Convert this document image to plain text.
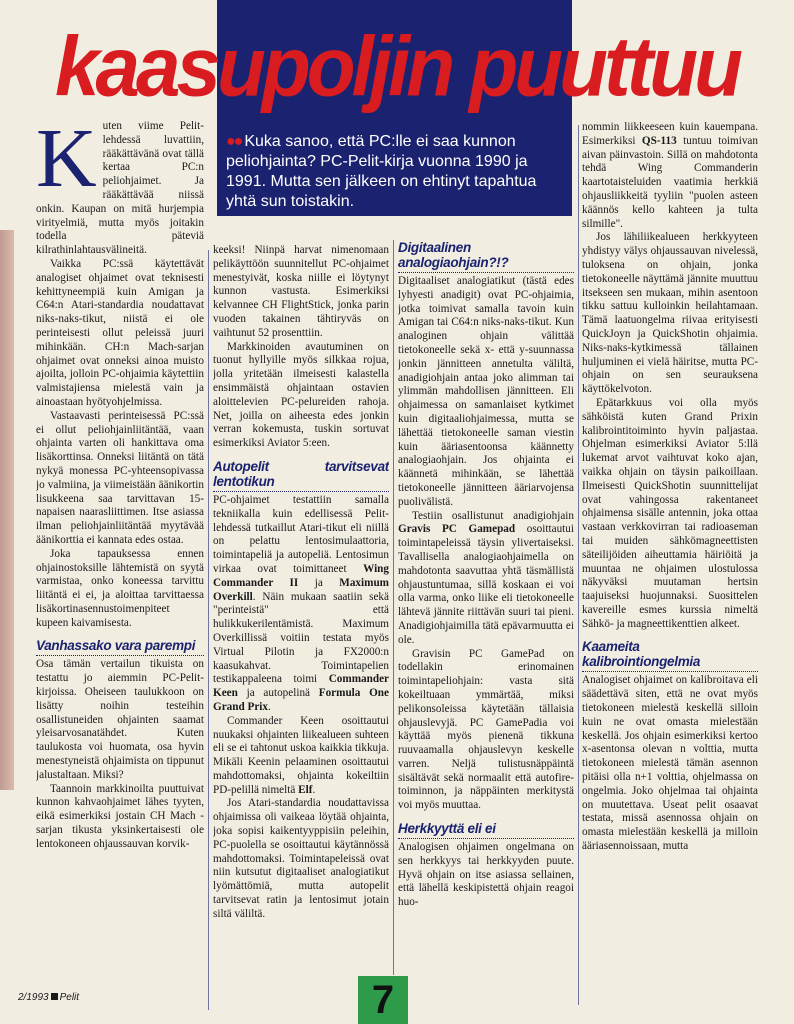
kaasupoljin puuttuu
●● Kuka sanoo, että PC:lle ei saa kunnon peliohjainta? PC-Pelit-kirja vuonna 1990 ja 1991. Mutta sen jälkeen on ehtinyt tapahtua yhtä sun toistakin.
K uten viime Pelit-lehdessä luvattiin, rääkättävänä ovat tällä kertaa PC:n peliohjaimet. Ja rääkättävää niissä onkin. Kaupan on mitä hurjempia virityelmiä, mutta myös joitakin todella päteviä kilrathinlahtausvälineitä.

Vaikka PC:ssä käytettävät analogiset ohjaimet ovat teknisesti kehittyneempiä kuin Amigan ja C64:n Atari-standardia noudattavat niks-naks-tikut, niistä ei ole perinteisesti ollut peleissä juuri mihinkään. CH:n Mach-sarjan ohjaimet ovat onneksi ainoa muisto ajoilta, jolloin PC-ohjaimia käytettiin valmistajiensa mielestä vain ja ainoastaan hyötyohjelmissa.

Vastaavasti perinteisessä PC:ssä ei ollut peliohjainliitäntää, vaan ohjainta varten oli hankittava oma lisäkorttinsa. Onneksi liitäntä on tätä nykyä monessa PC-yhteensopivassa jo valmiina, ja viimeistään äänikortin lisukkeena saa tarvittavan 15-napaisen naarasliittimen. Itse asiassa ilman peliohjainliitäntää myytävää äänikorttia ei kannata edes ostaa.

Joka tapauksessa ennen ohjainostoksille lähtemistä on syytä varmistaa, onko koneessa tarvittu liitäntä ei ei, ja aloittaa tarvittaessa lisäkortinasennustoimenpiteet kupeen kaivamisesta.

Vanhassako vara parempi

Osa tämän vertailun tikuista on testattu jo aiemmin PC-Pelit-kirjoissa. Oheiseen taulukkoon on lisätty noihin testeihin osallistuneiden ohjainten saamat yleisarvosanatähdet. Kuten taulukosta voi huomata, osa hyvin menestyneistä ohjaimista on tippunut jalustaltaan. Miksi?

Taannoin markkinoilta puuttuivat kunnon kahvaohjaimet lähes tyyten, eikä esimerkiksi jostain CH Mach -sarjan tikusta yksinkertaisesti ole lentokoneen ohjaussauvan korvik-

keeksi! Niinpä harvat nimenomaan pelikäyttöön suunnitellut PC-ohjaimet menestyivät, koska niille ei löytynyt kunnon vastusta. Esimerkiksi kelvannee CH FlightStick, jonka parin vuoden takainen tähtiryväs on vaihtunut 52 prosenttiin.

Markkinoiden avautuminen on tuonut hyllyille myös silkkaa rojua, jolla yritetään ilmeisesti kalastella ensimmäistä ohjaintaan ostavien aloittelevien PC-pelureiden rahoja. Net, joilla on aiheesta edes jonkin verran kokemusta, tuskin sortuvat esimerkiksi Aviator 5:een.

Autopelit tarvitsevat lentotikun

PC-ohjaimet testattiin samalla tekniikalla kuin edellisessä Pelit-lehdessä tutkaillut Atari-tikut eli niillä on pelattu lentosimulaattoria, toimintapeliä ja autopeliä. Lentosimun virkaa ovat toimittaneet Wing Commander II ja Maximum Overkill. Näin mukaan saatiin sekä "perinteistä" että hulikkukerilentämistä. Maximum Overkillissä voitiin testata myös Virtual Pilotin ja FX2000:n kaasukahvat. Toimintapelien testikappaleena toimi Commander Keen ja autopelinä Formula One Grand Prix.

Commander Keen osoittautui nuukaksi ohjainten liikealueen suhteen eli se ei tahtonut uskoa kaikkia tikkuja. Mikäli Keenin pelaaminen osoittautui mahdottomaksi, ohjainta kokeiltiin PD-pelillä nimeltä Elf.

Jos Atari-standardia noudattavissa ohjaimissa oli vaikeaa löytää ohjainta, joka sopisi kaikentyyppisiin peleihin, PC-puolella se osoittautui käytännössä mahdottomaksi. Toimintapeleissä ovat niin kutsutut digitaaliset analogiatikut lyömättömiä, mutta autopelit tarvitsevat ratin ja lentosimut jotain siltä väliltä.

Digitaalinen analogiaohjain?!?

Digitaaliset analogiatikut (tästä edes lyhyesti anadigit) ovat PC-ohjaimia, jotka toimivat samalla tavoin kuin Amigan tai C64:n niks-naks-tikut. Kun analoginen ohjain välittää tietokoneelle sekä x- että y-suunnassa jonkin jännitteen annetulta väliltä, anadigiohjain antaa joko alimman tai ylimmän mahdollisen jännitteen. Eli ohjaimessa on samanlaiset kytkimet kuin digitaaliohjaimessa, mutta se lähettää tietokoneelle saman viestin kuin ääriasentoonsa käännetty analogiaohjain. Jos ohjainta ei käännetä mihinkään, se lähettää tietokoneelle jännitteen ääriarvojensa puolivälistä.

Testiin osallistunut anadigiohjain Gravis PC Gamepad osoittautui toimintapeleissä täysin ylivertaiseksi. Tavallisella analogiaohjaimella on mahdotonta saavuttaa yhtä täsmällistä ohjaustuntumaa, sillä koskaan ei voi olla varma, onko liike eli tietokoneelle lähtevä jännite riittävän suuri tai pieni. Anadigiohjaimilla tätä epävarmuutta ei ole.

Gravisin PC GamePad on todellakin erinomainen toimintapeliohjain: vasta sitä kokeiltuaan ymmärtää, miksi pelikonsoleissa käytetään tällaisia ohjauslevyjä. PC GamePadia voi käyttää myös pienenä tikkuna ruuvaamalla ohjauslevyn keskelle varren. Neljä tulistusnäppäintä sisältävät sekä normaalit että autofire-toiminnon, ja näppäinten merkitystä voi myös muuttaa.

Herkkyyttä eli ei

Analogisen ohjaimen ongelmana on sen herkkyys tai herkkyyden puute. Hyvä ohjain on itse asiassa sellainen, että lähellä keskipistettä ohjain reagoi huo-

nommin liikkeeseen kuin kauempana. Esimerkiksi QS-113 tuntuu toimivan aivan päinvastoin. Sillä on mahdotonta tehdä Wing Commanderin kaartotaisteluiden vaatimia herkkiä ohjausliikkeitä tyyliin "puolen asteen käännös kello kahteen ja tulta silmille".

Jos lähiliikealueen herkkyyteen yhdistyy välys ohjaussauvan nivelessä, tuloksena on ohjain, jonka tietokoneelle näyttämä jännite muuttuu itsekseen sen mukaan, mihin asentoon tikku sattuu kulloinkin heilahtamaan. Tämä laatuongelma riivaa erityisesti QuickJoyn ja QuickShotin ohjaimia. Niks-naks-kytkimessä tällainen huljuminen ei vielä häiritse, mutta PC-ohjain on sen seurauksena käyttökelvoton.

Epätarkkuus voi olla myös sähköistä kuten Grand Prixin kalibrointitoiminto hyvin paljastaa. Ohjelman esimerkiksi Aviator 5:llä lukemat arvot vaihtuvat koko ajan, vaikka ohjain on täysin paikoillaan. Ilmeisesti QuickShotin suunnittelijat ovat vahingossa rakentaneet ohjaimensa sisälle antennin, joka ottaa vastaan verkkovirran tai radioaseman tai muiden sähkömagneettisten säteilijöiden aiheuttamia häiriöitä ja muuntaa ne ohjaimen ulostulossa näkyväksi muutaman hertsin taajuiseksi huojunnaksi. Suosittelen kavereille esmes kurssia nimeltä Sähkö- ja magneettikenttien alkeet.

Kaameita kalibrointiongelmia

Analogiset ohjaimet on kalibroitava eli säädettävä siten, että ne ovat myös tietokoneen mielestä keskellä silloin kuin ne ovat omasta mielestään keskellä. Jos ohjain esimerkiksi kertoo x-asentonsa olevan n volttia, mutta tietokoneen mielestä tämän asennon pitäisi olla n+1 volttia, ohjelmassa on ongelmia. Joko ohjelmaa tai ohjainta on muutettava. Useat pelit osaavat testata, missä asennossa ohjain on omasta mielestään keskellä ja milloin ääriasennoissaan, mutta

2/1993 Pelit	7
